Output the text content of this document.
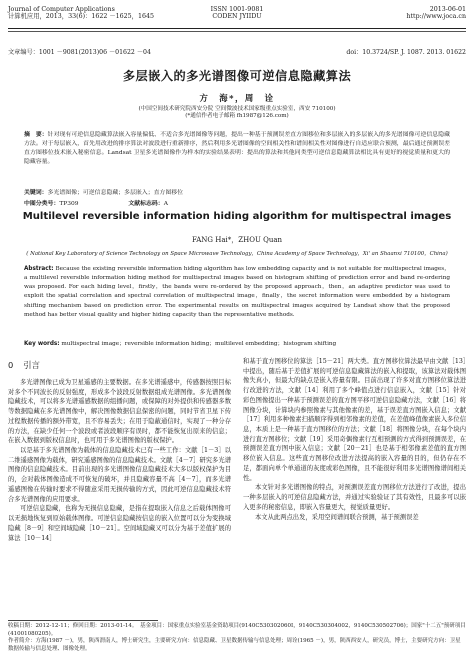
Journal of Computer Applications
计算机应用，2013，33(6)：1622 －1625，1645
ISSN 1001-9081
CODEN JYIIDU
2013-06-01
http://www.joca.cn
文章编号：1001 －9081(2013)06 －01622 －04	doi：10.3724/SP. J. 1087. 2013. 01622
多层嵌入的多光谱图像可逆信息隐藏算法
方　海*，周　诠
(中国空间技术研究院西安分院 空间微波技术国家级重点实验室，西安 710100)
(*通信作者电子邮箱 fh1987@126.com)
摘　要：针对现有可逆信息隐藏算法嵌入容量偏低、不适合多光谱图像等问题，提出一种基于预测误差直方图移位和多层嵌入的多层嵌入的多光谱图像可逆信息隐藏方法。对于每层嵌入，首先用改进的排序算法对波段进行重新排序，然后利用多光谱图像的空间相关性和谱间相关性对图像进行自适应联合预测，最后通过预测误差直方图移位技术嵌入秘密信息。Landsat 卫星多光谱图像作为样本的实验结果表明：提出的算法和其他同类型可逆信息隐藏算法相比具有更好的视觉质量和更大的隐藏容量。
关键词：多光谱图像；可逆信息隐藏；多层嵌入；直方图移位
中图分类号：TP309	文献标志码：A
Multilevel reversible information hiding algorithm for multispectral images
FANG Hai*，ZHOU Quan
( National Key Laboratory of Science Technology on Space Microwave Technology，China Academy of Space Technology，Xi' an Shaanxi 710100，China)
Abstract: Because the existing reversible information hiding algorithm has low embedding capacity and is not suitable for multispectral images，a multilevel reversible information hiding method for multispectral images based on histogram shifting of prediction error and band re-ordering was proposed. For each hiding level，firstly，the bands were re-ordered by the proposed approach，then，an adaptive predictor was used to exploit the spatial correlation and spectral correlation of multispectral image，finally，the secret information were embedded by a histogram shifting mechanism based on prediction error. The experimental results on multispectral images acquired by Landsat show that the proposed method has better visual quality and higher hiding capacity than the representative methods.
Key words: multispectral image；reversible information hiding；multilevel embedding；histogram shifting
0 引言

多光谱图像已成为卫星遥感的主要数据。在多光谱遥感中，传感器按照目标对多个不同波长的反射强度，形成多个波段反射数据组成光谱图像。多光谱图像隐藏技术，可以将多光谱遥感数据的组播问题，或保障的对外提供和传感器多数等数据隐藏在多光谱图像中，解决图像数据信息保密的问题，同时节省卫星下传过程数据传播的额外带宽，且不容易丢失；在用于隐蔽通信时，实现了一种分存的方法，在缺少任何一个波段或者波段顺序有误时，都不能恢复出原来的信息；在嵌入数据到版权信息时，也可用于多光谱图像的版权保护。

以是基于多光谱图像为载体的信息隐藏技术已有一些工作：文献［1－3］以二维遥感图像为载体，研究遥感图像的信息隐藏技术。文献［4－7］研究多光谱图像的信息隐藏技术。目前出现的多光谱图像信息隐藏技术大多以版权保护为目的，会对载体图像造成不可恢复的破坏，并且隐藏容量不高［4－7］，而多光谱遥感图像在传输时要求不得随意采用无损传输的方式，因此可逆信息隐藏技术符合多光谱图像的应用要求。

可逆信息隐藏，也称为无损信息隐藏，是指在提取嵌入信息之后载体图像可以无损地恢复到原始载体图像。可逆信息隐藏按信息的嵌入位置可以分为变换域隐藏［8－9］和空间域隐藏［10－21］。空间域隐藏又可以分为基于差值扩展的算法［10－14］

和基于直方图移位的算法［15－21］两大类。直方图移位算法最早由文献［13］中提出，随后基于差值扩展的可逆信息隐藏算法的嵌入和提取，该算法对载体图像失真小，但最大的缺点是嵌入容量有限。目前出现了许多对直方图移位算法进行改进的方法，文献［14］利用了多个峰值点进行信息嵌入，文献［15］针对彩色图像提出一种基于预测误差的直方图平移可逆信息隐藏方法，文献［16］将图像分块，计算块内参照像素与其他像素的差，基于误差直方图嵌入信息；文献［17］利用多种像素扫描顺序得到相邻像素的差值，在差值峰值像素嵌入多位信息，本质上是一种基于直方图移位的方法；文献［18］将图像分块，在每个块内进行直方图移位；文献［19］采用奇偶像素行互相预测的方式得到预测误差，在预测误差直方图中嵌入信息；文献［20－21］也是基于相邻像素差值的直方图移位嵌入信息。这些直方图移位改进方法提高的嵌入容量的目的，但仍存在不足，都面向单个单通道的灰度或彩色图像，且不能很好利用多光谱图像谱间相关性。

本文针对多光谱图像的特点，对预测误差直方图移位方法进行了改进，提出一种多层嵌入的可逆信息隐藏方法，并通过实验验证了其有效性，且最多可以嵌入更多的秘密信息，即嵌入容量更大，视觉质量更好。

本文从此两点出发，采用空间谱间联合预测，基于预测误差

收稿日期：2012-12-11；修回日期：2013-01-14。　基金项目：国家重点实验室基金资助项目(9140C530302060I，9140C530304002，9140C530502706)；国家"十二五"预研项目(41001080205)。
作者简介：方海(1987 －)，男，陕西渭南人，博士研究生，主要研究方向：信息隐藏、卫星数据传输与信息处理；周诠(1965 －)，男，陕西西安人，研究员，博士，主要研究方向：卫星数据传输与信息处理、图像处理。
